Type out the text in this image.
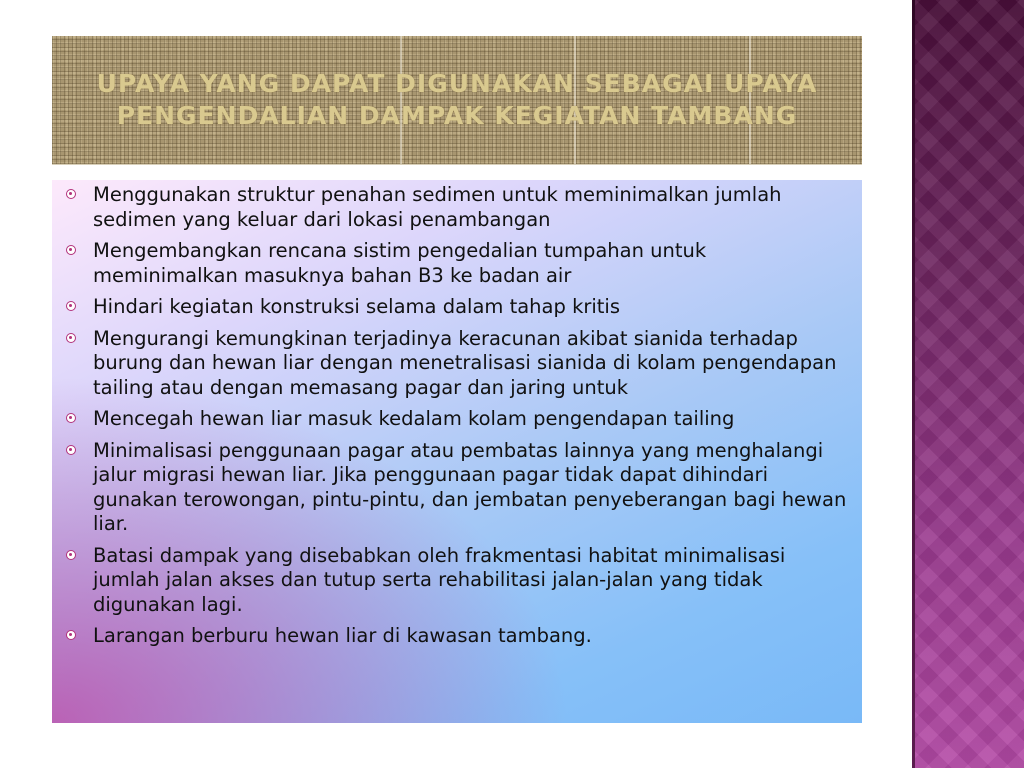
UPAYA YANG DAPAT DIGUNAKAN SEBAGAI UPAYA PENGENDALIAN DAMPAK KEGIATAN TAMBANG
Menggunakan struktur penahan sedimen untuk meminimalkan jumlah sedimen yang keluar dari lokasi penambangan
Mengembangkan rencana sistim pengedalian tumpahan untuk meminimalkan masuknya bahan B3 ke badan air
Hindari kegiatan konstruksi selama dalam tahap kritis
Mengurangi kemungkinan terjadinya keracunan akibat sianida terhadap burung dan hewan liar dengan menetralisasi sianida di kolam pengendapan tailing atau dengan memasang pagar dan jaring untuk
Mencegah hewan liar masuk kedalam kolam pengendapan tailing
Minimalisasi penggunaan pagar atau pembatas lainnya yang menghalangi jalur migrasi hewan liar. Jika penggunaan pagar tidak dapat dihindari gunakan terowongan, pintu-pintu, dan jembatan penyeberangan bagi hewan liar.
Batasi dampak yang disebabkan oleh frakmentasi habitat minimalisasi jumlah jalan akses dan tutup serta rehabilitasi jalan-jalan yang tidak digunakan lagi.
Larangan berburu hewan liar di kawasan tambang.
